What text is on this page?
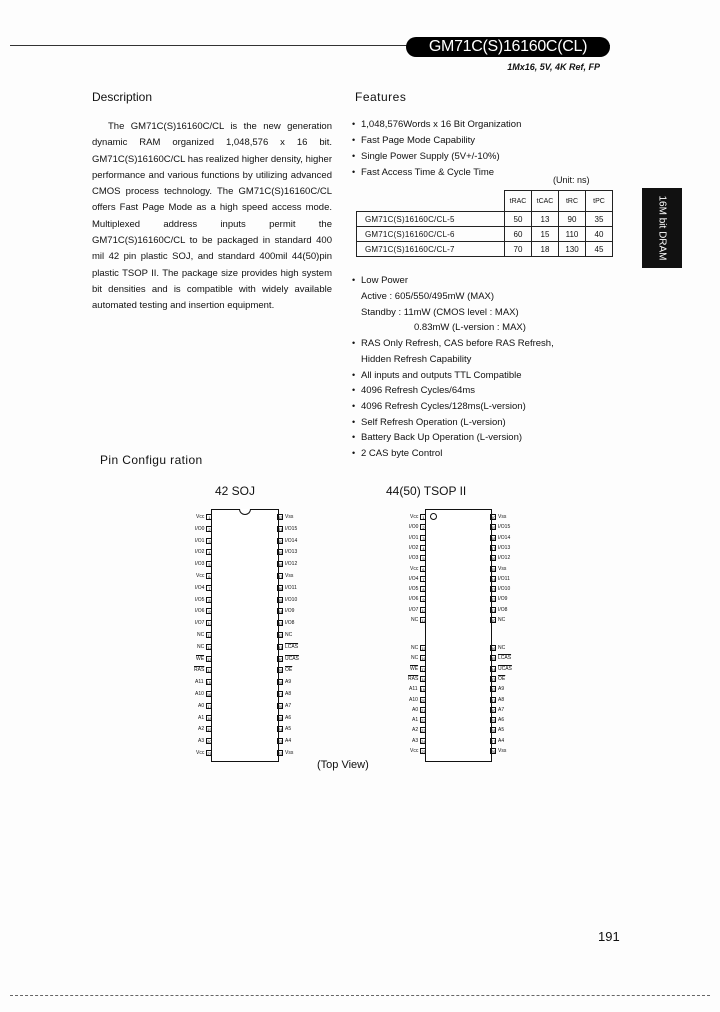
GM71C(S)16160C(CL)
1Mx16, 5V, 4K Ref, FP
16M bit DRAM
Description
The GM71C(S)16160C/CL is the new generation dynamic RAM organized 1,048,576 x 16 bit. GM71C(S)16160C/CL has realized higher density, higher performance and various functions by utilizing advanced CMOS process technology. The GM71C(S)16160C/CL offers Fast Page Mode as a high speed access mode. Multiplexed address inputs permit the GM71C(S)16160C/CL to be packaged in standard 400 mil 42 pin plastic SOJ, and standard 400mil 44(50)pin plastic TSOP II. The package size provides high system bit densities and is compatible with widely available automated testing and insertion equipment.
Features
• 1,048,576Words x 16 Bit Organization
• Fast Page Mode Capability
• Single Power Supply (5V+/-10%)
• Fast Access Time & Cycle Time
• Low Power
Active : 605/550/495mW (MAX)
Standby : 11mW (CMOS level : MAX)
0.83mW (L-version : MAX)
• RAS Only Refresh, CAS before RAS Refresh,
Hidden Refresh Capability
• All inputs and outputs TTL Compatible
• 4096 Refresh Cycles/64ms
• 4096 Refresh Cycles/128ms(L-version)
• Self Refresh Operation (L-version)
• Battery Back Up Operation (L-version)
• 2 CAS byte Control
(Unit: ns)
	tRAC	tCAC	tRC	tPC
GM71C(S)16160C/CL-5	50	13	90	35
GM71C(S)16160C/CL-6	60	15	110	40
GM71C(S)16160C/CL-7	70	18	130	45
Pin Configu ration
42 SOJ	44(50) TSOP II
1
Vcc
2
I/O0
3
I/O1
4
I/O2
5
I/O3
6
Vcc
7
I/O4
8
I/O5
9
I/O6
10
I/O7
11
NC
12
NC
13
$\overline{WE}$
14
$\overline{RAS}$
15
A11
16
A10
17
A0
18
A1
19
A2
20
A3
21
Vcc
42 Vss
41 I/O15
40 I/O14
39 I/O13
38 I/O12
37 Vss
36 I/O11
35 I/O10
34 I/O9
33 I/O8
32 NC
31 LCAS
30 UCAS
29 $\overline{OE}$
28 A9
27 A8
26 A7
25 A6
24 A5
23 A4
22 Vss
1
Vcc
2
I/O0
3
I/O1
4
I/O2
5
I/O3
6
Vcc
7
I/O4
8
I/O5
9
I/O6
10
I/O7
11
NC
15
NC
16
NC
17
$\overline{WE}$
18
$\overline{RAS}$
19
A11
20
A10
21
A0
22
A1
23
A2
24
A3
25
Vcc
50 Vss
49 I/O15
48 I/O14
47 I/O13
46 I/O12
45 Vss
44 I/O11
43 I/O10
42 I/O9
41 I/O8
40 NC
36 NC
35 LCAS
34 UCAS
33 $\overline{OE}$
32 A9
31 A8
30 A7
29 A6
28 A5
27 A4
26 Vss
(Top View)
191
